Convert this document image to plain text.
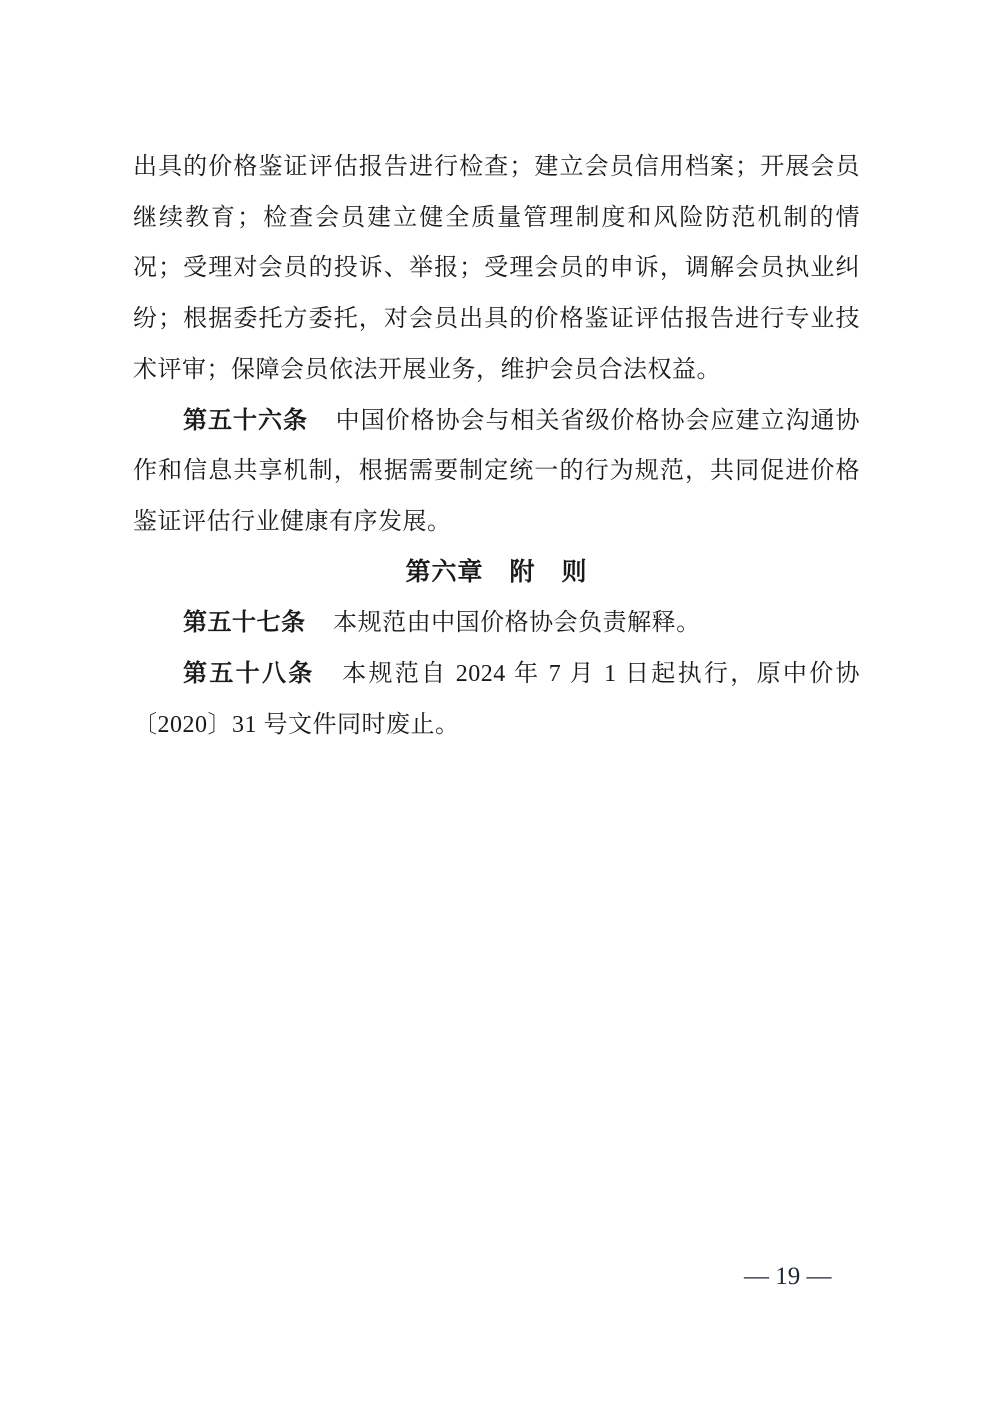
出具的价格鉴证评估报告进行检查；建立会员信用档案；开展会员继续教育；检查会员建立健全质量管理制度和风险防范机制的情况；受理对会员的投诉、举报；受理会员的申诉，调解会员执业纠纷；根据委托方委托，对会员出具的价格鉴证评估报告进行专业技术评审；保障会员依法开展业务，维护会员合法权益。

第五十六条 中国价格协会与相关省级价格协会应建立沟通协作和信息共享机制，根据需要制定统一的行为规范，共同促进价格鉴证评估行业健康有序发展。

第六章　附　则

第五十七条 本规范由中国价格协会负责解释。

第五十八条 本规范自 2024 年 7 月 1 日起执行，原中价协〔2020〕31 号文件同时废止。

— 19 —
